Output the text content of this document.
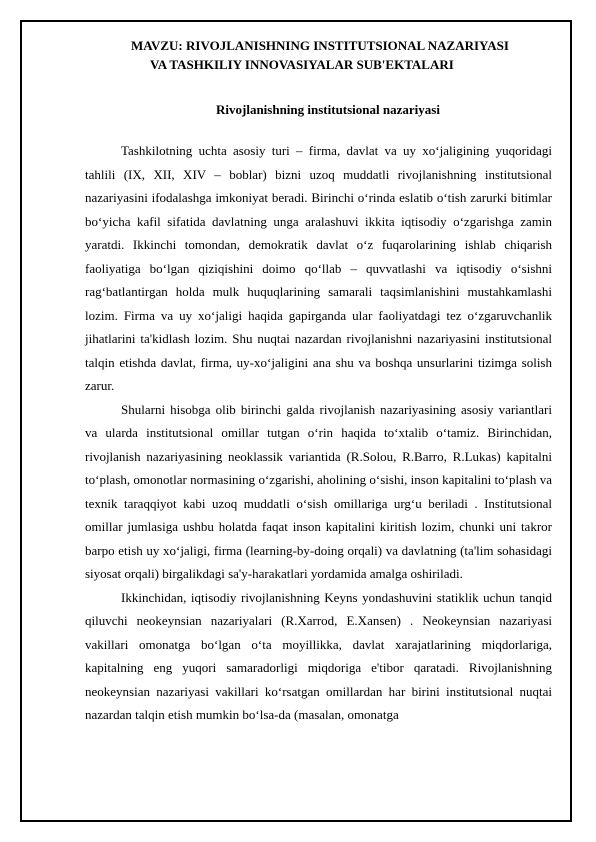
MAVZU: RIVOJLANISHNING INSTITUTSIONAL NAZARIYASI
VA TASHKILIY INNOVASIYALAR SUB'EKTALARI
Rivojlanishning institutsional nazariyasi

Tashkilotning uchta asosiy turi – firma, davlat va uy xo‘jaligining yuqoridagi tahlili (IX, XII, XIV – boblar) bizni uzoq muddatli rivojlanishning institutsional nazariyasini ifodalashga imkoniyat beradi. Birinchi o‘rinda eslatib o‘tish zarurki bitimlar bo‘yicha kafil sifatida davlatning unga aralashuvi ikkita iqtisodiy o‘zgarishga zamin yaratdi. Ikkinchi tomondan, demokratik davlat o‘z fuqarolarining ishlab chiqarish faoliyatiga bo‘lgan qiziqishini doimo qo‘llab – quvvatlashi va iqtisodiy o‘sishni rag‘batlantirgan holda mulk huquqlarining samarali taqsimlanishini mustahkamlashi lozim. Firma va uy xo‘jaligi haqida gapirganda ular faoliyatdagi tez o‘zgaruvchanlik jihatlarini ta'kidlash lozim. Shu nuqtai nazardan rivojlanishni nazariyasini institutsional talqin etishda davlat, firma, uy-xo‘jaligini ana shu va boshqa unsurlarini tizimga solish zarur.

Shularni hisobga olib birinchi galda rivojlanish nazariyasining asosiy variantlari va ularda institutsional omillar tutgan o‘rin haqida to‘xtalib o‘tamiz. Birinchidan, rivojlanish nazariyasining neoklassik variantida (R.Solou, R.Barro, R.Lukas) kapitalni to‘plash, omonotlar normasining o‘zgarishi, aholining o‘sishi, inson kapitalini to‘plash va texnik taraqqiyot kabi uzoq muddatli o‘sish omillariga urg‘u beriladi . Institutsional omillar jumlasiga ushbu holatda faqat inson kapitalini kiritish lozim, chunki uni takror barpo etish uy xo‘jaligi, firma (learning-by-doing orqali) va davlatning (ta'lim sohasidagi siyosat orqali) birgalikdagi sa'y-harakatlari yordamida amalga oshiriladi.

Ikkinchidan, iqtisodiy rivojlanishning Keyns yondashuvini statiklik uchun tanqid qiluvchi neokeynsian nazariyalari (R.Xarrod, E.Xansen) . Neokeynsian nazariyasi vakillari omonatga bo‘lgan o‘ta moyillikka, davlat xarajatlarining miqdorlariga, kapitalning eng yuqori samaradorligi miqdoriga e'tibor qaratadi. Rivojlanishning neokeynsian nazariyasi vakillari ko‘rsatgan omillardan har birini institutsional nuqtai nazardan talqin etish mumkin bo‘lsa-da (masalan, omonatga
